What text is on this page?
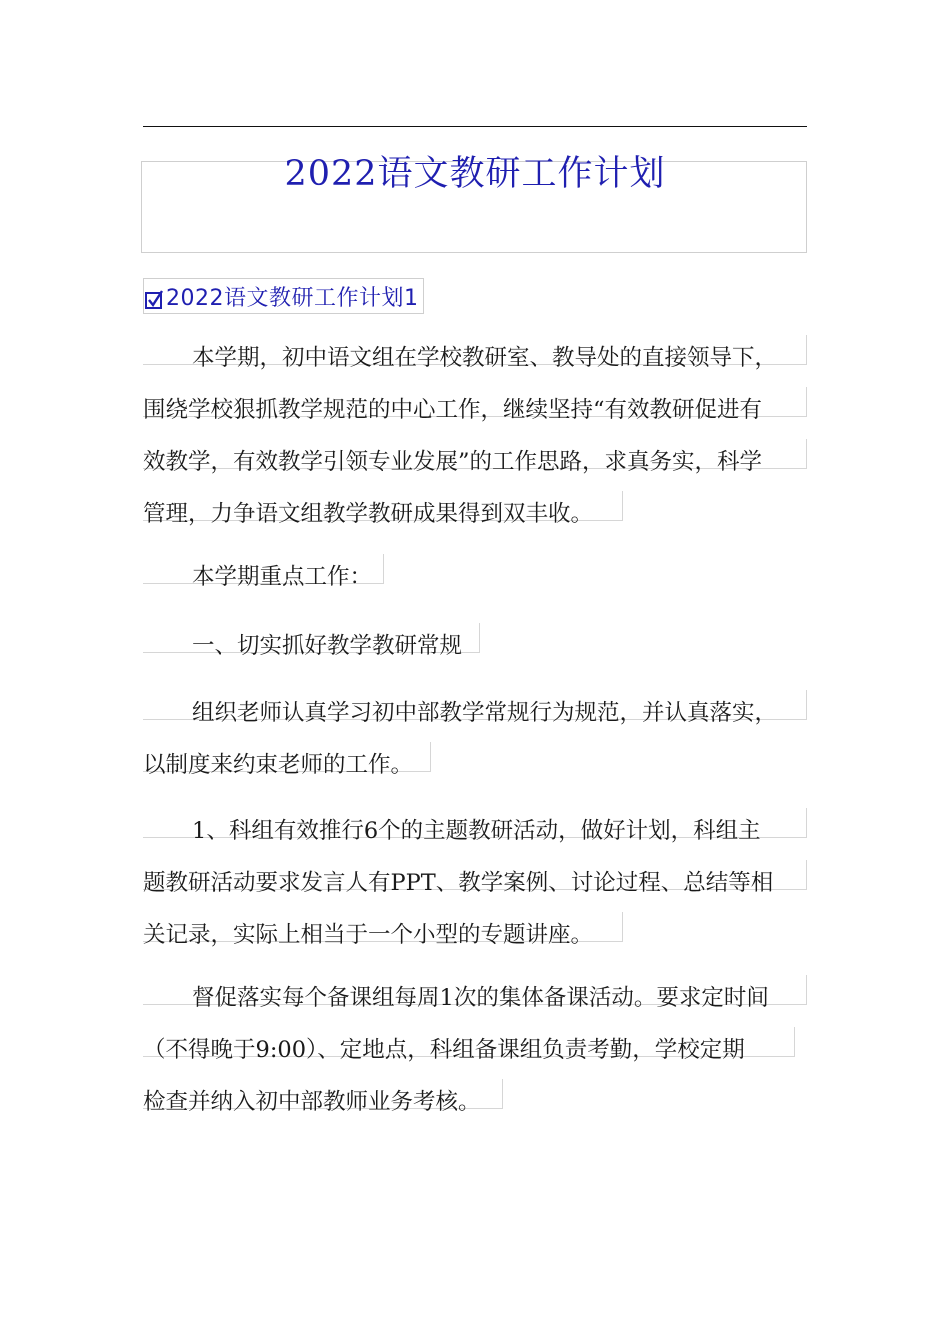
2022语文教研工作计划
2022语文教研工作计划1
本学期，初中语文组在学校教研室、教导处的直接领导下，
围绕学校狠抓教学规范的中心工作，继续坚持“有效教研促进有
效教学，有效教学引领专业发展”的工作思路，求真务实，科学
管理，力争语文组教学教研成果得到双丰收。
本学期重点工作：
一、切实抓好教学教研常规
组织老师认真学习初中部教学常规行为规范，并认真落实，
以制度来约束老师的工作。
1、科组有效推行6个的主题教研活动，做好计划，科组主
题教研活动要求发言人有PPT、教学案例、讨论过程、总结等相
关记录，实际上相当于一个小型的专题讲座。
督促落实每个备课组每周1次的集体备课活动。要求定时间
（不得晚于9:00）、定地点，科组备课组负责考勤，学校定期
检查并纳入初中部教师业务考核。
